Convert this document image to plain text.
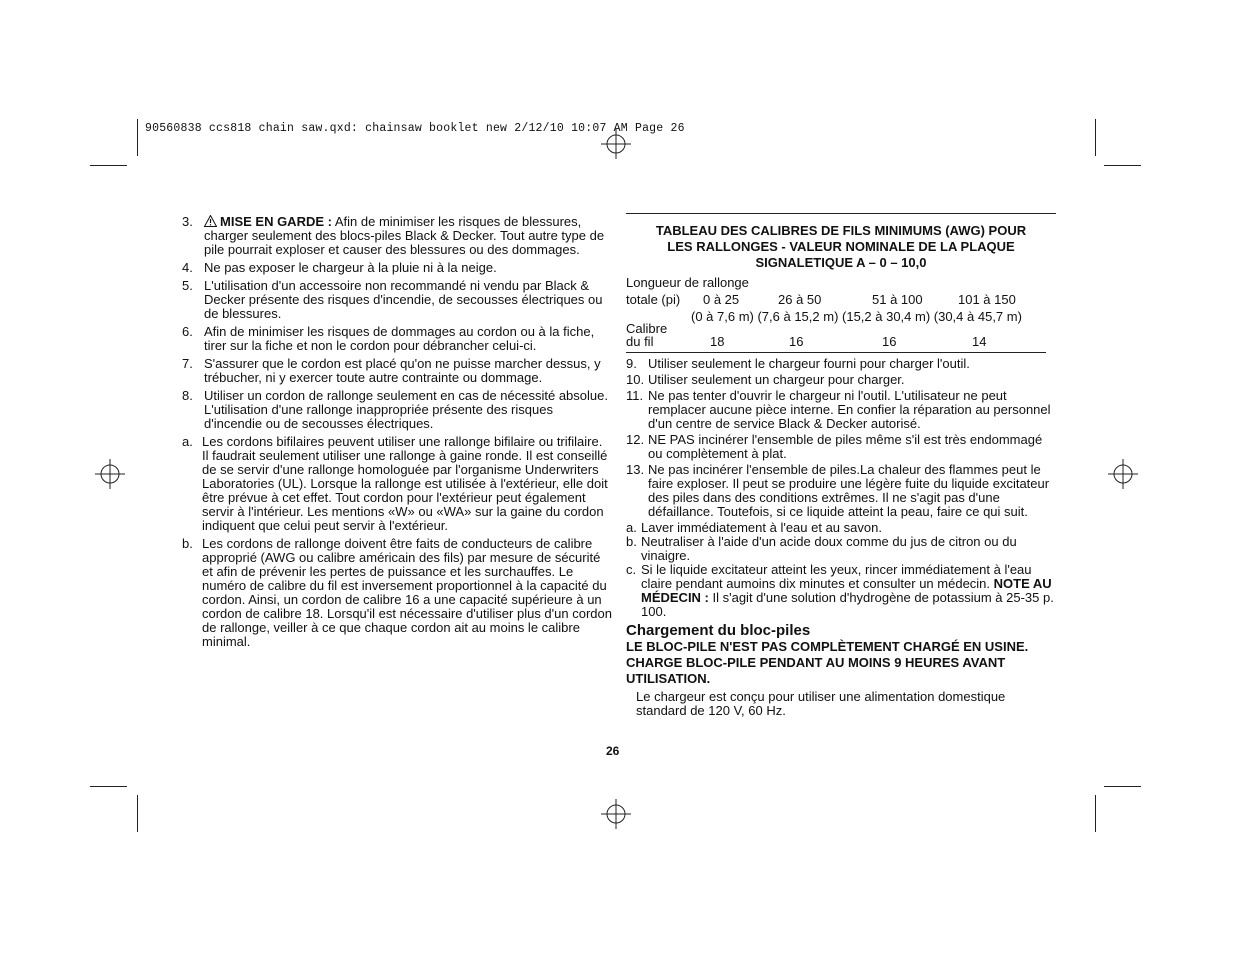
90560838 ccs818 chain saw.qxd: chainsaw booklet new 2/12/10 10:07 AM Page 26
3. MISE EN GARDE : Afin de minimiser les risques de blessures, charger seulement des blocs-piles Black & Decker. Tout autre type de pile pourrait exploser et causer des blessures ou des dommages.
4. Ne pas exposer le chargeur à la pluie ni à la neige.
5. L'utilisation d'un accessoire non recommandé ni vendu par Black & Decker présente des risques d'incendie, de secousses électriques ou de blessures.
6. Afin de minimiser les risques de dommages au cordon ou à la fiche, tirer sur la fiche et non le cordon pour débrancher celui-ci.
7. S'assurer que le cordon est placé qu'on ne puisse marcher dessus, y trébucher, ni y exercer toute autre contrainte ou dommage.
8. Utiliser un cordon de rallonge seulement en cas de nécessité absolue. L'utilisation d'une rallonge inappropriée présente des risques d'incendie ou de secousses électriques.
a. Les cordons bifilaires peuvent utiliser une rallonge bifilaire ou trifilaire. Il faudrait seulement utiliser une rallonge à gaine ronde. Il est conseillé de se servir d'une rallonge homologuée par l'organisme Underwriters Laboratories (UL). Lorsque la rallonge est utilisée à l'extérieur, elle doit être prévue à cet effet. Tout cordon pour l'extérieur peut également servir à l'intérieur. Les mentions «W» ou «WA» sur la gaine du cordon indiquent que celui peut servir à l'extérieur.
b. Les cordons de rallonge doivent être faits de conducteurs de calibre approprié (AWG ou calibre américain des fils) par mesure de sécurité et afin de prévenir les pertes de puissance et les surchauffes. Le numéro de calibre du fil est inversement proportionnel à la capacité du cordon. Ainsi, un cordon de calibre 16 a une capacité supérieure à un cordon de calibre 18. Lorsqu'il est nécessaire d'utiliser plus d'un cordon de rallonge, veiller à ce que chaque cordon ait au moins le calibre minimal.
TABLEAU DES CALIBRES DE FILS MINIMUMS (AWG) POUR
LES RALLONGES - VALEUR NOMINALE DE LA PLAQUE
SIGNALETIQUE A – 0 – 10,0
Longueur de rallonge
totale (pi) 0 à 25	26 à 50	51 à 100	101 à 150
(0 à 7,6 m) (7,6 à 15,2 m) (15,2 à 30,4 m) (30,4 à 45,7 m)
Calibre
du fil	18	16	16	14
9. Utiliser seulement le chargeur fourni pour charger l'outil.
10. Utiliser seulement un chargeur pour charger.
11. Ne pas tenter d'ouvrir le chargeur ni l'outil. L'utilisateur ne peut remplacer aucune pièce interne. En confier la réparation au personnel d'un centre de service Black & Decker autorisé.
12. NE PAS incinérer l'ensemble de piles même s'il est très endommagé ou complètement à plat.
13. Ne pas incinérer l'ensemble de piles.La chaleur des flammes peut le faire exploser. Il peut se produire une légère fuite du liquide excitateur des piles dans des conditions extrêmes. Il ne s'agit pas d'une défaillance. Toutefois, si ce liquide atteint la peau, faire ce qui suit.
a. Laver immédiatement à l'eau et au savon.
b. Neutraliser à l'aide d'un acide doux comme du jus de citron ou du vinaigre.
c. Si le liquide excitateur atteint les yeux, rincer immédiatement à l'eau claire pendant aumoins dix minutes et consulter un médecin. NOTE AU MÉDECIN : Il s'agit d'une solution d'hydrogène de potassium à 25-35 p. 100.
Chargement du bloc-piles
LE BLOC-PILE N'EST PAS COMPLÈTEMENT CHARGÉ EN USINE. CHARGE BLOC-PILE PENDANT AU MOINS 9 HEURES AVANT UTILISATION.
Le chargeur est conçu pour utiliser une alimentation domestique standard de 120 V, 60 Hz.
26
